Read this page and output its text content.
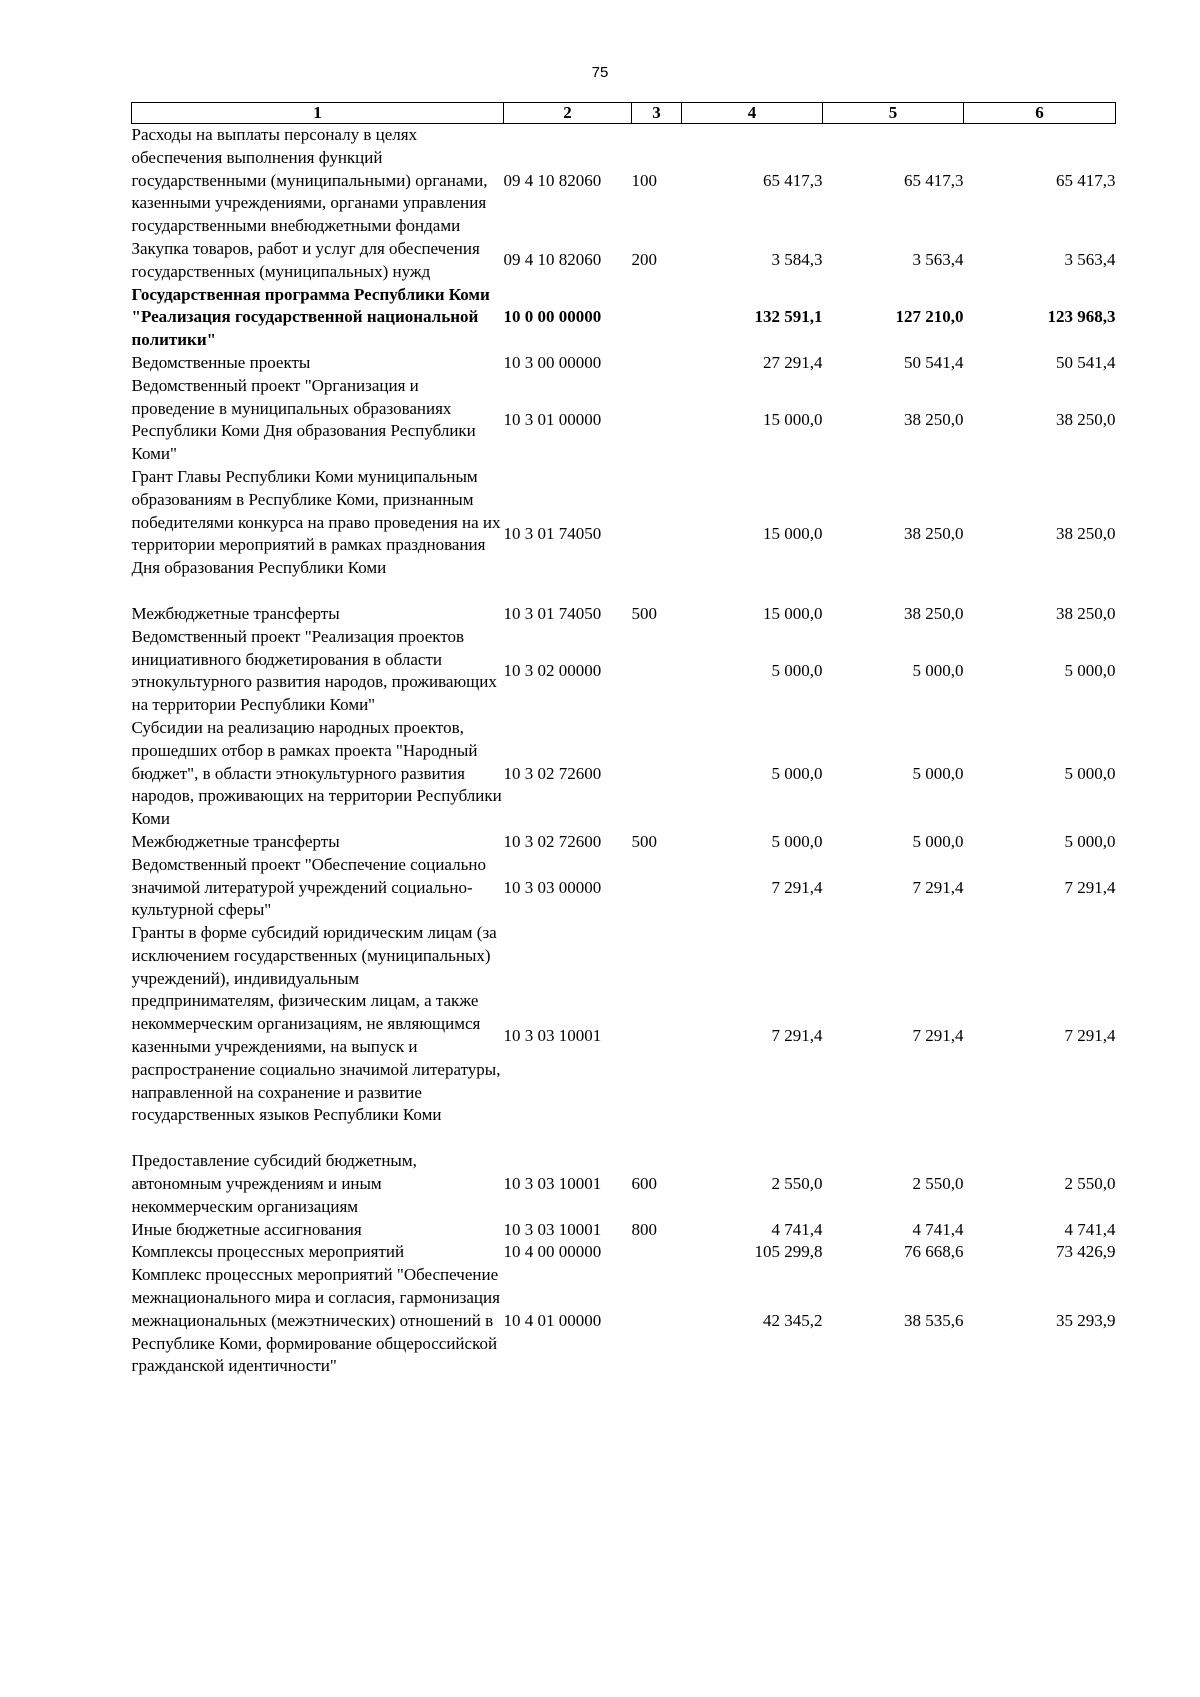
75
1	2	3	4	5	6
Расходы на выплаты персоналу в целях обеспечения выполнения функций государственными (муниципальными) органами, казенными учреждениями, органами управления государственными внебюджетными фондами	09 4 10 82060	100	65 417,3	65 417,3	65 417,3
Закупка товаров, работ и услуг для обеспечения государственных (муниципальных) нужд	09 4 10 82060	200	3 584,3	3 563,4	3 563,4
Государственная программа Республики Коми "Реализация государственной национальной политики"	10 0 00 00000		132 591,1	127 210,0	123 968,3
Ведомственные проекты	10 3 00 00000		27 291,4	50 541,4	50 541,4
Ведомственный проект "Организация и проведение в муниципальных образованиях Республики Коми Дня образования Республики Коми"	10 3 01 00000		15 000,0	38 250,0	38 250,0
Грант Главы Республики Коми муниципальным образованиям в Республике Коми, признанным победителями конкурса на право проведения на их территории мероприятий в рамках празднования Дня образования Республики Коми	10 3 01 74050		15 000,0	38 250,0	38 250,0
Межбюджетные трансферты	10 3 01 74050	500	15 000,0	38 250,0	38 250,0
Ведомственный проект "Реализация проектов инициативного бюджетирования в области этнокультурного развития народов, проживающих на территории Республики Коми"	10 3 02 00000		5 000,0	5 000,0	5 000,0
Субсидии на реализацию народных проектов, прошедших отбор в рамках проекта "Народный бюджет", в области этнокультурного развития народов, проживающих на территории Республики Коми	10 3 02 72600		5 000,0	5 000,0	5 000,0
Межбюджетные трансферты	10 3 02 72600	500	5 000,0	5 000,0	5 000,0
Ведомственный проект "Обеспечение социально значимой литературой учреждений социально-культурной сферы"	10 3 03 00000		7 291,4	7 291,4	7 291,4
Гранты в форме субсидий юридическим лицам (за исключением государственных (муниципальных) учреждений), индивидуальным предпринимателям, физическим лицам, а также некоммерческим организациям, не являющимся казенными учреждениями, на выпуск и распространение социально значимой литературы, направленной на сохранение и развитие государственных языков Республики Коми	10 3 03 10001		7 291,4	7 291,4	7 291,4
Предоставление субсидий бюджетным, автономным учреждениям и иным некоммерческим организациям	10 3 03 10001	600	2 550,0	2 550,0	2 550,0
Иные бюджетные ассигнования	10 3 03 10001	800	4 741,4	4 741,4	4 741,4
Комплексы процессных мероприятий	10 4 00 00000		105 299,8	76 668,6	73 426,9
Комплекс процессных мероприятий "Обеспечение межнационального мира и согласия, гармонизация межнациональных (межэтнических) отношений в Республике Коми, формирование общероссийской гражданской идентичности"	10 4 01 00000		42 345,2	38 535,6	35 293,9
